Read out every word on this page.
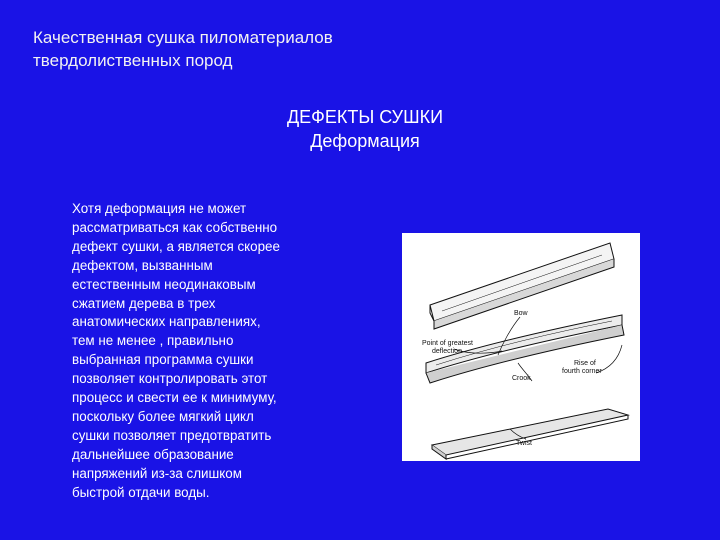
Качественная сушка пиломатериалов
твердолиственных пород
ДЕФЕКТЫ СУШКИ
Деформация
Хотя деформация не может
рассматриваться как собственно
дефект сушки, а является скорее
дефектом, вызванным
естественным неодинаковым
сжатием дерева в трех
анатомических направлениях,
тем не менее , правильно
выбранная программа сушки
позволяет контролировать этот
процесс и свести ее к минимуму,
поскольку более мягкий цикл
сушки позволяет предотвратить
дальнейшее образование
напряжений из-за слишком
быстрой отдачи воды.
Bow
Point of greatest
deflection
Crook
Rise of
fourth corner
Twist
